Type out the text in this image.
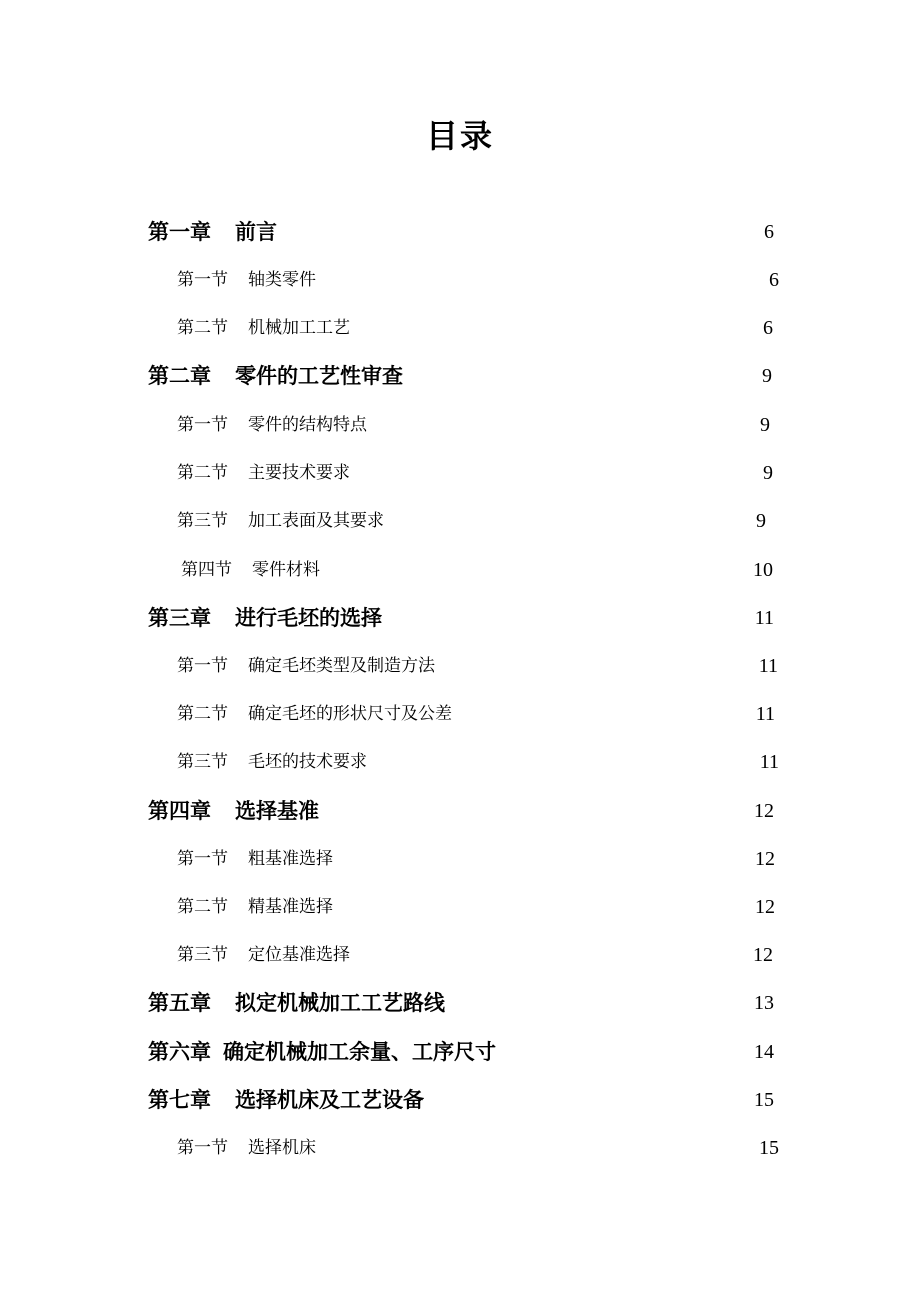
目录
第一章 前言	6
第一节 轴类零件	6
第二节 机械加工工艺	6
第二章 零件的工艺性审查	9
第一节 零件的结构特点	9
第二节 主要技术要求	9
第三节 加工表面及其要求	9
第四节 零件材料	10
第三章 进行毛坯的选择	11
第一节 确定毛坯类型及制造方法	11
第二节 确定毛坯的形状尺寸及公差	11
第三节 毛坯的技术要求	11
第四章 选择基准	12
第一节 粗基准选择	12
第二节 精基准选择	12
第三节 定位基准选择	12
第五章 拟定机械加工工艺路线	13
第六章 确定机械加工余量、工序尺寸	14
第七章 选择机床及工艺设备	15
第一节 选择机床	15
